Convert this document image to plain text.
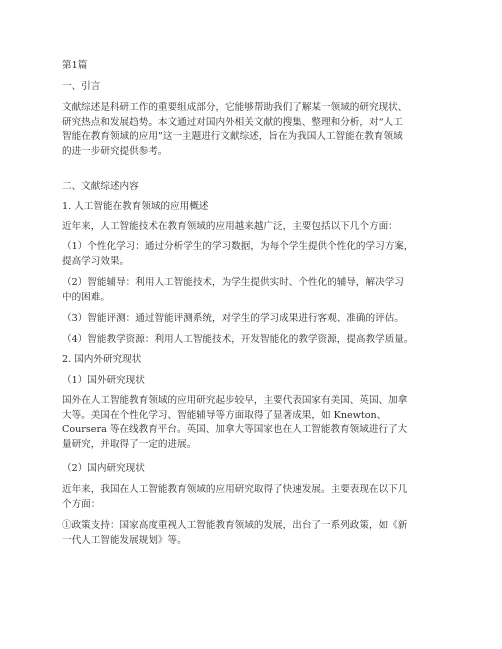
第1篇
一、引言
文献综述是科研工作的重要组成部分，它能够帮助我们了解某一领域的研究现状、
研究热点和发展趋势。本文通过对国内外相关文献的搜集、整理和分析，对“人工
智能在教育领域的应用”这一主题进行文献综述，旨在为我国人工智能在教育领域
的进一步研究提供参考。
二、文献综述内容
1. 人工智能在教育领域的应用概述
近年来，人工智能技术在教育领域的应用越来越广泛，主要包括以下几个方面：
（1）个性化学习：通过分析学生的学习数据，为每个学生提供个性化的学习方案，
提高学习效果。
（2）智能辅导：利用人工智能技术，为学生提供实时、个性化的辅导，解决学习
中的困难。
（3）智能评测：通过智能评测系统，对学生的学习成果进行客观、准确的评估。
（4）智能教学资源：利用人工智能技术，开发智能化的教学资源，提高教学质量。
2. 国内外研究现状
（1）国外研究现状
国外在人工智能教育领域的应用研究起步较早，主要代表国家有美国、英国、加拿
大等。美国在个性化学习、智能辅导等方面取得了显著成果，如 Knewton、
Coursera 等在线教育平台。英国、加拿大等国家也在人工智能教育领域进行了大
量研究，并取得了一定的进展。
（2）国内研究现状
近年来，我国在人工智能教育领域的应用研究取得了快速发展。主要表现在以下几
个方面：
①政策支持：国家高度重视人工智能教育领域的发展，出台了一系列政策，如《新
一代人工智能发展规划》等。
